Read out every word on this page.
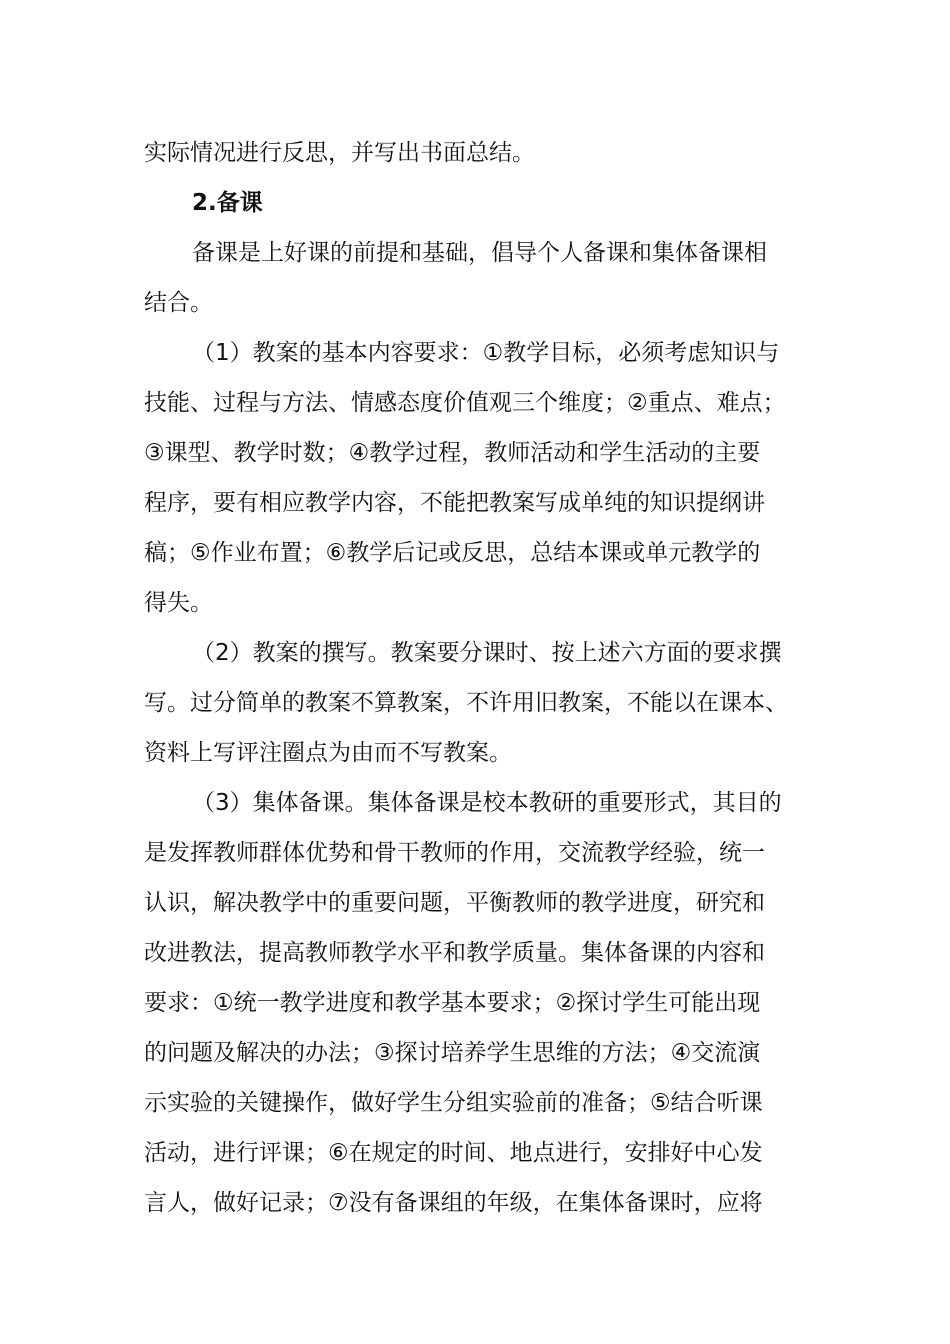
实际情况进行反思，并写出书面总结。
2.备课
备课是上好课的前提和基础，倡导个人备课和集体备课相
结合。
（1）教案的基本内容要求：①教学目标，必须考虑知识与
技能、过程与方法、情感态度价值观三个维度；②重点、难点；
③课型、教学时数；④教学过程，教师活动和学生活动的主要
程序，要有相应教学内容，不能把教案写成单纯的知识提纲讲
稿；⑤作业布置；⑥教学后记或反思，总结本课或单元教学的
得失。
（2）教案的撰写。教案要分课时、按上述六方面的要求撰
写。过分简单的教案不算教案，不许用旧教案，不能以在课本、
资料上写评注圈点为由而不写教案。
（3）集体备课。集体备课是校本教研的重要形式，其目的
是发挥教师群体优势和骨干教师的作用，交流教学经验，统一
认识，解决教学中的重要问题，平衡教师的教学进度，研究和
改进教法，提高教师教学水平和教学质量。集体备课的内容和
要求：①统一教学进度和教学基本要求；②探讨学生可能出现
的问题及解决的办法；③探讨培养学生思维的方法；④交流演
示实验的关键操作，做好学生分组实验前的准备；⑤结合听课
活动，进行评课；⑥在规定的时间、地点进行，安排好中心发
言人，做好记录；⑦没有备课组的年级，在集体备课时，应将
